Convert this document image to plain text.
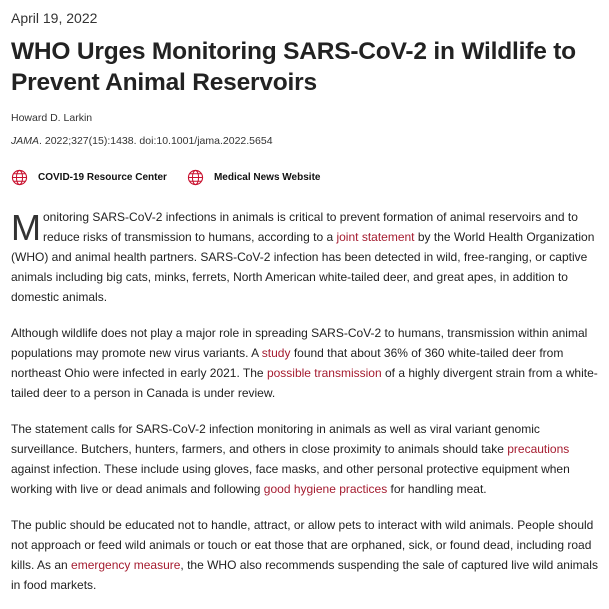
April 19, 2022
WHO Urges Monitoring SARS-CoV-2 in Wildlife to Prevent Animal Reservoirs
Howard D. Larkin
JAMA. 2022;327(15):1438. doi:10.1001/jama.2022.5654
COVID-19 Resource Center	Medical News Website

Monitoring SARS-CoV-2 infections in animals is critical to prevent formation of animal reservoirs and to reduce risks of transmission to humans, according to a joint statement by the World Health Organization (WHO) and animal health partners. SARS-CoV-2 infection has been detected in wild, free-ranging, or captive animals including big cats, minks, ferrets, North American white-tailed deer, and great apes, in addition to domestic animals.

Although wildlife does not play a major role in spreading SARS-CoV-2 to humans, transmission within animal populations may promote new virus variants. A study found that about 36% of 360 white-tailed deer from northeast Ohio were infected in early 2021. The possible transmission of a highly divergent strain from a white-tailed deer to a person in Canada is under review.

The statement calls for SARS-CoV-2 infection monitoring in animals as well as viral variant genomic surveillance. Butchers, hunters, farmers, and others in close proximity to animals should take precautions against infection. These include using gloves, face masks, and other personal protective equipment when working with live or dead animals and following good hygiene practices for handling meat.

The public should be educated not to handle, attract, or allow pets to interact with wild animals. People should not approach or feed wild animals or touch or eat those that are orphaned, sick, or found dead, including road kills. As an emergency measure, the WHO also recommends suspending the sale of captured live wild animals in food markets.
